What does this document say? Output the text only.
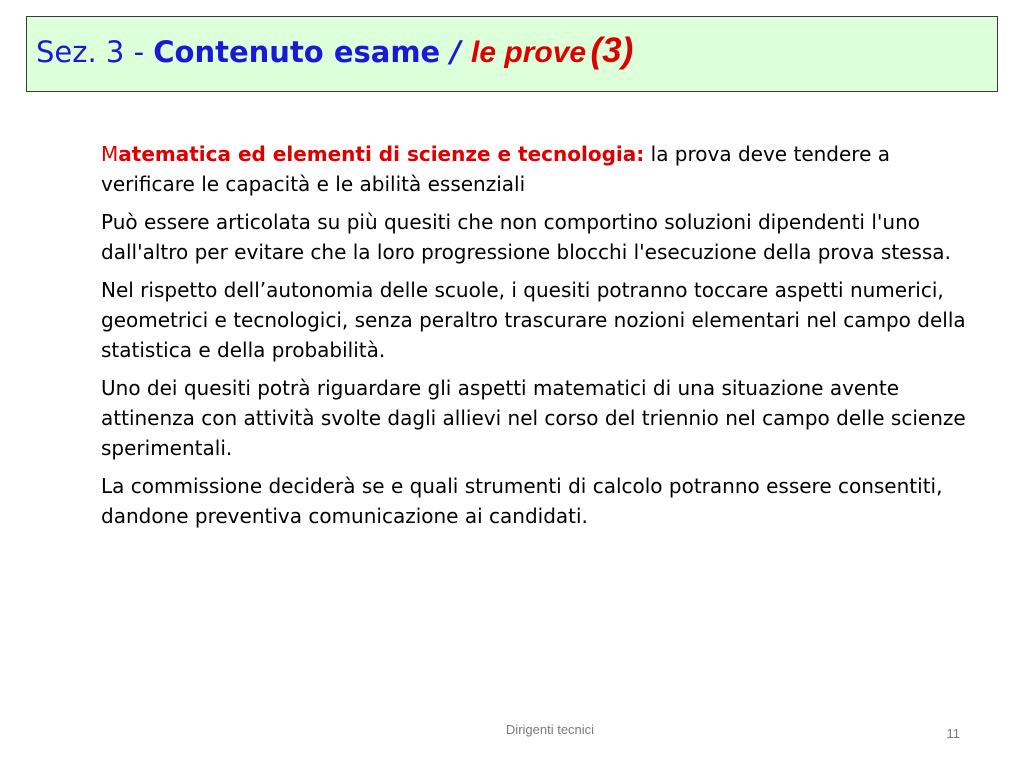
Sez. 3 - Contenuto esame / le prove (3)

Matematica ed elementi di scienze e tecnologia: la prova deve tendere a verificare le capacità e le abilità essenziali

Può essere articolata su più quesiti che non comportino soluzioni dipendenti l'uno dall'altro per evitare che la loro progressione blocchi l'esecuzione della prova stessa.

Nel rispetto dell’autonomia delle scuole, i quesiti potranno toccare aspetti numerici, geometrici e tecnologici, senza peraltro trascurare nozioni elementari nel campo della statistica e della probabilità.

Uno dei quesiti potrà riguardare gli aspetti matematici di una situazione avente attinenza con attività svolte dagli allievi nel corso del triennio nel campo delle scienze sperimentali.

La commissione deciderà se e quali strumenti di calcolo potranno essere consentiti, dandone preventiva comunicazione ai candidati.

Dirigenti tecnici	11
